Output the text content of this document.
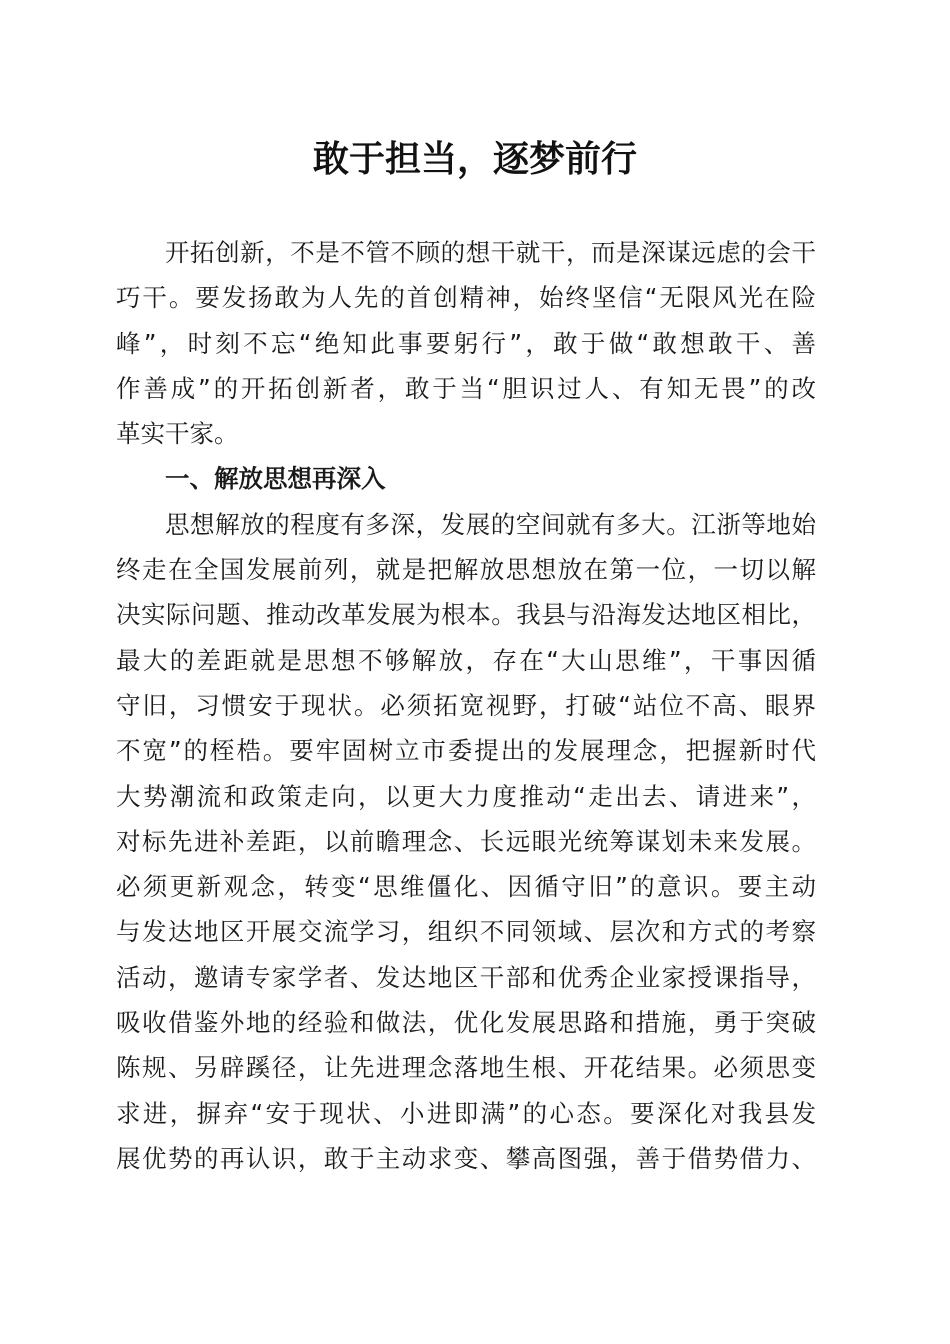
敢于担当，逐梦前行
开拓创新，不是不管不顾的想干就干，而是深谋远虑的会干
巧干。要发扬敢为人先的首创精神，始终坚信“无限风光在险
峰”，时刻不忘“绝知此事要躬行”，敢于做“敢想敢干、善
作善成”的开拓创新者，敢于当“胆识过人、有知无畏”的改
革实干家。
一、解放思想再深入
思想解放的程度有多深，发展的空间就有多大。江浙等地始
终走在全国发展前列，就是把解放思想放在第一位，一切以解
决实际问题、推动改革发展为根本。我县与沿海发达地区相比，
最大的差距就是思想不够解放，存在“大山思维”，干事因循
守旧，习惯安于现状。必须拓宽视野，打破“站位不高、眼界
不宽”的桎梏。要牢固树立市委提出的发展理念，把握新时代
大势潮流和政策走向，以更大力度推动“走出去、请进来”，
对标先进补差距，以前瞻理念、长远眼光统筹谋划未来发展。
必须更新观念，转变“思维僵化、因循守旧”的意识。要主动
与发达地区开展交流学习，组织不同领域、层次和方式的考察
活动，邀请专家学者、发达地区干部和优秀企业家授课指导，
吸收借鉴外地的经验和做法，优化发展思路和措施，勇于突破
陈规、另辟蹊径，让先进理念落地生根、开花结果。必须思变
求进，摒弃“安于现状、小进即满”的心态。要深化对我县发
展优势的再认识，敢于主动求变、攀高图强，善于借势借力、
